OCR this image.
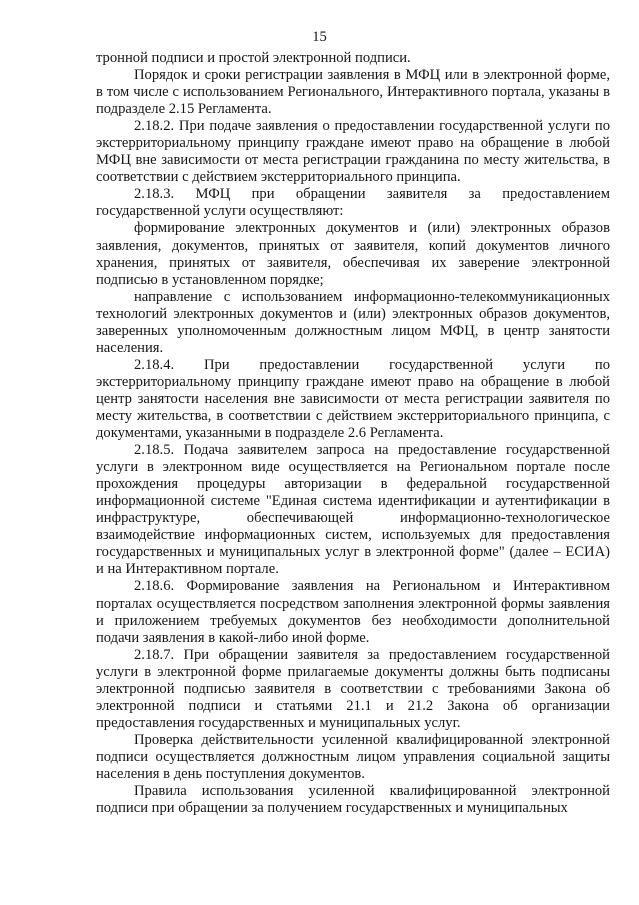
15

тронной подписи и простой электронной подписи.

Порядок и сроки регистрации заявления в МФЦ или в электронной форме, в том числе с использованием Регионального, Интерактивного портала, указаны в подразделе 2.15 Регламента.

2.18.2. При подаче заявления о предоставлении государственной услуги по экстерриториальному принципу граждане имеют право на обращение в любой МФЦ вне зависимости от места регистрации гражданина по месту жительства, в соответствии с действием экстерриториального принципа.

2.18.3. МФЦ при обращении заявителя за предоставлением государственной услуги осуществляют:

формирование электронных документов и (или) электронных образов заявления, документов, принятых от заявителя, копий документов личного хранения, принятых от заявителя, обеспечивая их заверение электронной подписью в установленном порядке;

направление с использованием информационно-телекоммуникационных технологий электронных документов и (или) электронных образов документов, заверенных уполномоченным должностным лицом МФЦ, в центр занятости населения.

2.18.4. При предоставлении государственной услуги по экстерриториальному принципу граждане имеют право на обращение в любой центр занятости населения вне зависимости от места регистрации заявителя по месту жительства, в соответствии с действием экстерриториального принципа, с документами, указанными в подразделе 2.6 Регламента.

2.18.5. Подача заявителем запроса на предоставление государственной услуги в электронном виде осуществляется на Региональном портале после прохождения процедуры авторизации в федеральной государственной информационной системе "Единая система идентификации и аутентификации в инфраструктуре, обеспечивающей информационно-технологическое взаимодействие информационных систем, используемых для предоставления государственных и муниципальных услуг в электронной форме" (далее – ЕСИА) и на Интерактивном портале.

2.18.6. Формирование заявления на Региональном и Интерактивном порталах осуществляется посредством заполнения электронной формы заявления и приложением требуемых документов без необходимости дополнительной подачи заявления в какой-либо иной форме.

2.18.7. При обращении заявителя за предоставлением государственной услуги в электронной форме прилагаемые документы должны быть подписаны электронной подписью заявителя в соответствии с требованиями Закона об электронной подписи и статьями 21.1 и 21.2 Закона об организации предоставления государственных и муниципальных услуг.

Проверка действительности усиленной квалифицированной электронной подписи осуществляется должностным лицом управления социальной защиты населения в день поступления документов.

Правила использования усиленной квалифицированной электронной подписи при обращении за получением государственных и муниципальных
